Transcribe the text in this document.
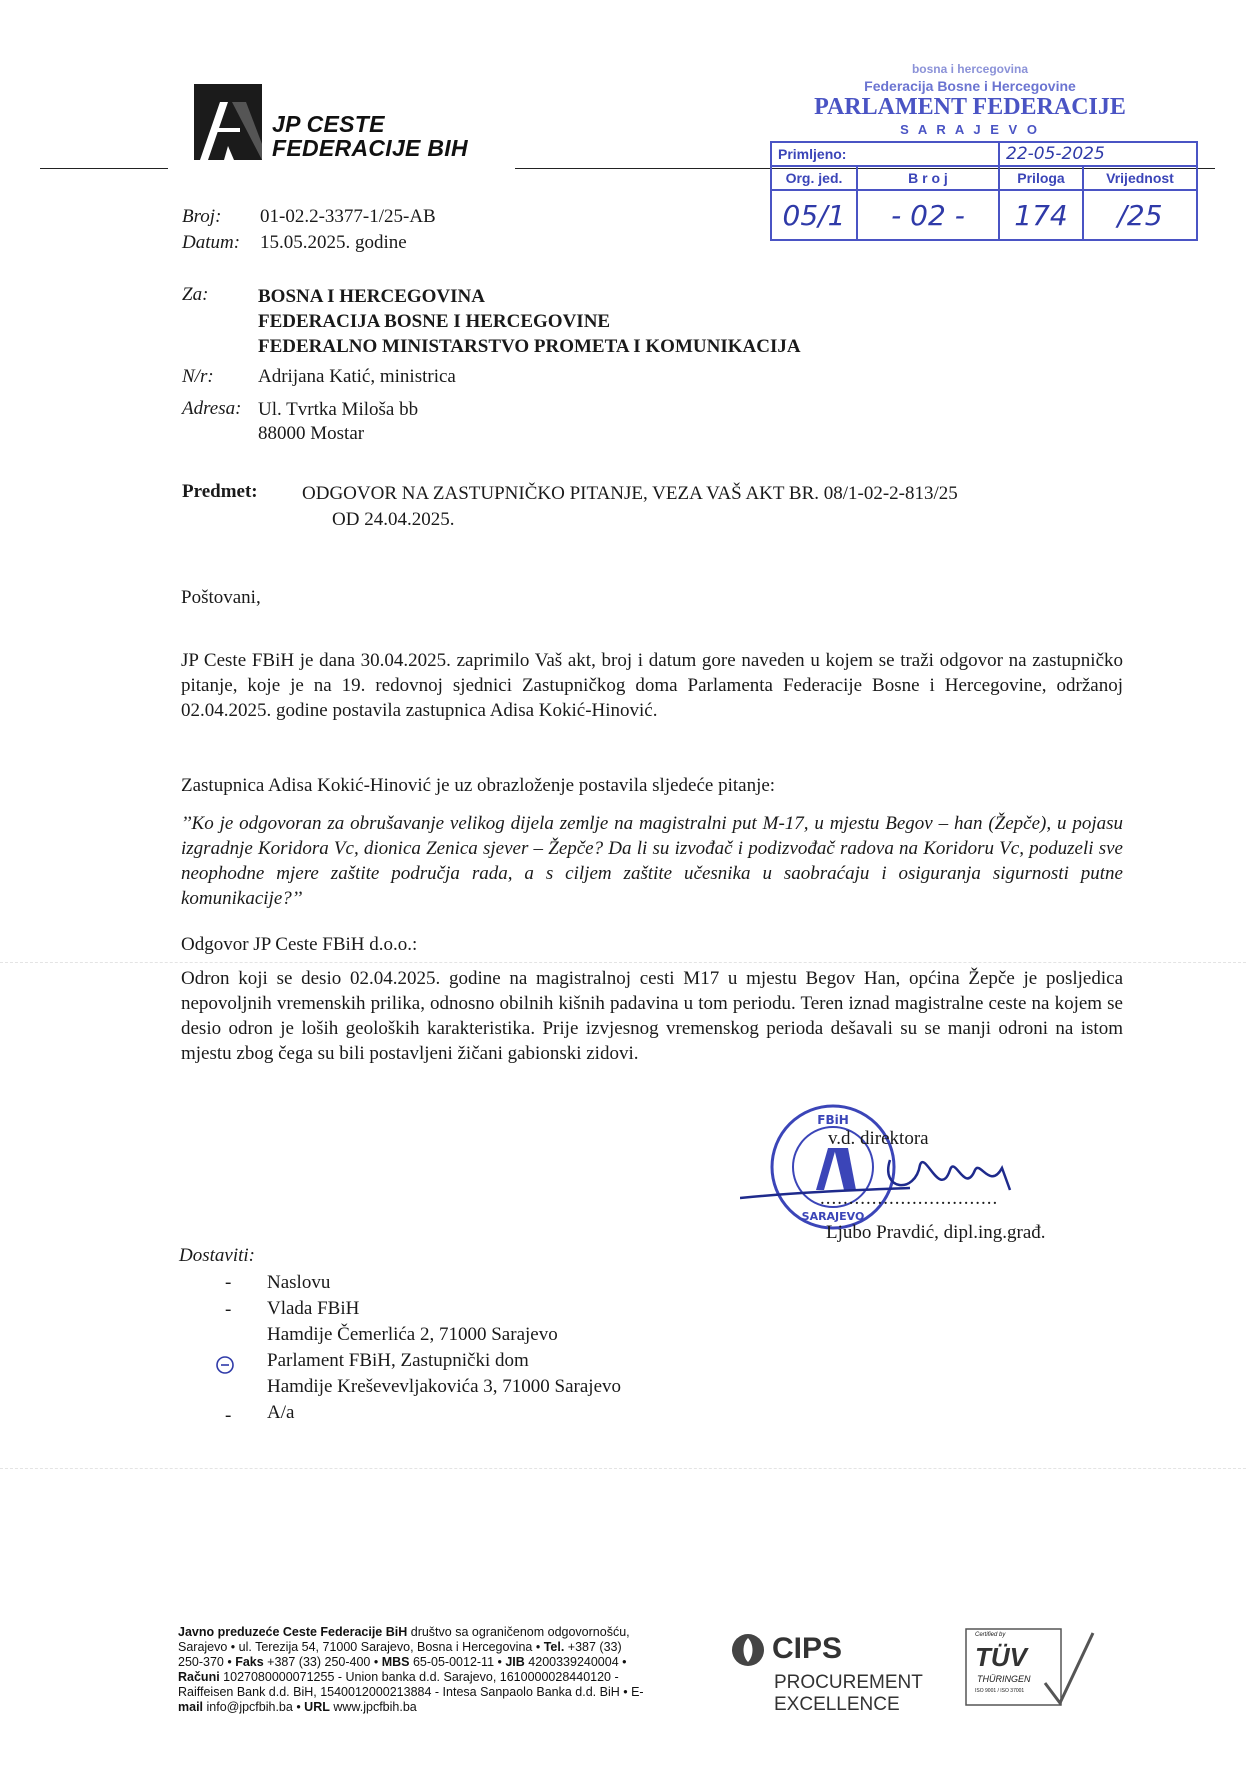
JP CESTE
FEDERACIJE BIH
Broj: 01-02.2-3377-1/25-AB
Datum: 15.05.2025. godine
bosna i hercegovina
Federacija Bosne i Hercegovine
PARLAMENT FEDERACIJE
S A R A J E V O
Primljeno:		22-05-2025	
Org. jed.	B r o j	Priloga	Vrijednost
05/1	- 02 -	174	/25
Za:	BOSNA I HERCEGOVINA
FEDERACIJA BOSNE I HERCEGOVINE
FEDERALNO MINISTARSTVO PROMETA I KOMUNIKACIJA
N/r: Adrijana Katić, ministrica
Adresa: Ul. Tvrtka Miloša bb
88000 Mostar
Predmet: ODGOVOR NA ZASTUPNIČKO PITANJE, VEZA VAŠ AKT BR. 08/1-02-2-813/25
OD 24.04.2025.
Poštovani,
JP Ceste FBiH je dana 30.04.2025. zaprimilo Vaš akt, broj i datum gore naveden u kojem se traži odgovor na zastupničko pitanje, koje je na 19. redovnoj sjednici Zastupničkog doma Parlamenta Federacije Bosne i Hercegovine, održanoj 02.04.2025. godine postavila zastupnica Adisa Kokić-Hinović.
Zastupnica Adisa Kokić-Hinović je uz obrazloženje postavila sljedeće pitanje:
’’Ko je odgovoran za obrušavanje velikog dijela zemlje na magistralni put M-17, u mjestu Begov – han (Žepče), u pojasu izgradnje Koridora Vc, dionica Zenica sjever – Žepče? Da li su izvođač i podizvođač radova na Koridoru Vc, poduzeli sve neophodne mjere zaštite područja rada, a s ciljem zaštite učesnika u saobraćaju i osiguranja sigurnosti putne komunikacije?’’
Odgovor JP Ceste FBiH d.o.o.:
Odron koji se desio 02.04.2025. godine na magistralnoj cesti M17 u mjestu Begov Han, općina Žepče je posljedica nepovoljnih vremenskih prilika, odnosno obilnih kišnih padavina u tom periodu. Teren iznad magistralne ceste na kojem se desio odron je loših geoloških karakteristika. Prije izvjesnog vremenskog perioda dešavali su se manji odroni na istom mjestu zbog čega su bili postavljeni žičani gabionski zidovi.
FBiH
SARAJEVO
v.d. direktora
...............................
Ljubo Pravdić, dipl.ing.građ.
Dostaviti:
-
-
-
Naslovu
Vlada FBiH
Hamdije Čemerlića 2, 71000 Sarajevo
Parlament FBiH, Zastupnički dom
Hamdije Kreševevljakovića 3, 71000 Sarajevo
A/a
Javno preduzeće Ceste Federacije BiH društvo sa ograničenom odgovornošću,
Sarajevo • ul. Terezija 54, 71000 Sarajevo, Bosna i Hercegovina • Tel. +387 (33)
250-370 • Faks +387 (33) 250-400 • MBS 65-05-0012-11 • JIB 4200339240004 •
Računi 1027080000071255 - Union banka d.d. Sarajevo, 1610000028440120 -
Raiffeisen Bank d.d. BiH, 1540012000213884 - Intesa Sanpaolo Banka d.d. BiH • E-
mail info@jpcfbih.ba • URL www.jpcfbih.ba
CIPS
PROCUREMENT
EXCELLENCE
Certified by
TÜV
THÜRINGEN
ISO 9001 / ISO 37001
